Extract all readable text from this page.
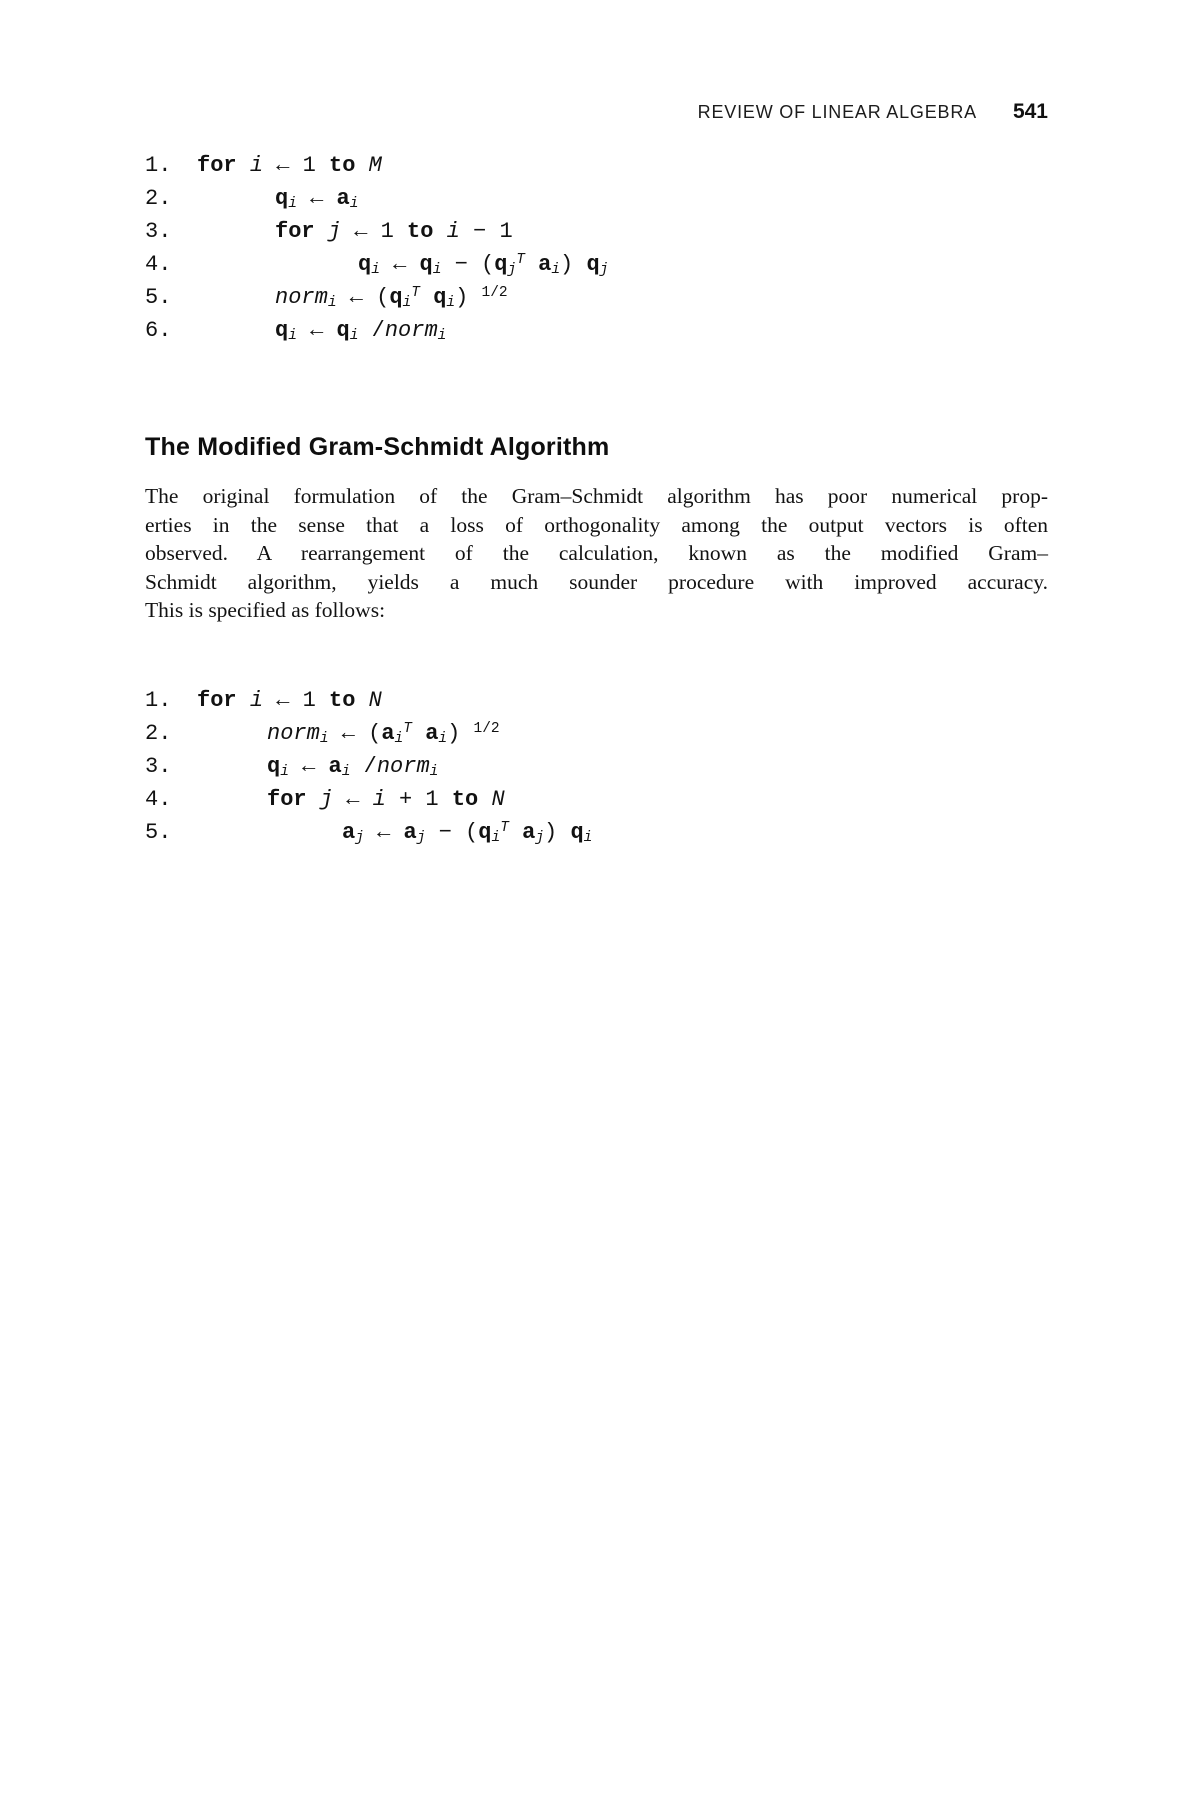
REVIEW OF LINEAR ALGEBRA 541
1.	for i ← 1 to M
2.	$q_i$ ← $a_i$
3.	for j ← 1 to i − 1
4.	$q_i$ ← $q_i - (q_j^T$ $a_i$) $q_j$
5.	norm$_i$ ← ($q_i^T$ $q_i$) $^{1/2}$
6.	$q_i$ ← $q_i$ /norm$_i$
The Modified Gram-Schmidt Algorithm
The original formulation of the Gram–Schmidt algorithm has poor numerical prop-
erties in the sense that a loss of orthogonality among the output vectors is often
observed. A rearrangement of the calculation, known as the modified Gram–
Schmidt algorithm, yields a much sounder procedure with improved accuracy.
This is specified as follows:
1.	for i ← 1 to N
2.	norm$_i$ ← ($a_i^T$ $a_i$) $^{1/2}$
3.	$q_i$ ← $a_i$ /norm$_i$
4.	for j ← i + 1 to N
5.	$a_j$ ← $a_j - (q_i^T$ $a_j$) $q_i$
